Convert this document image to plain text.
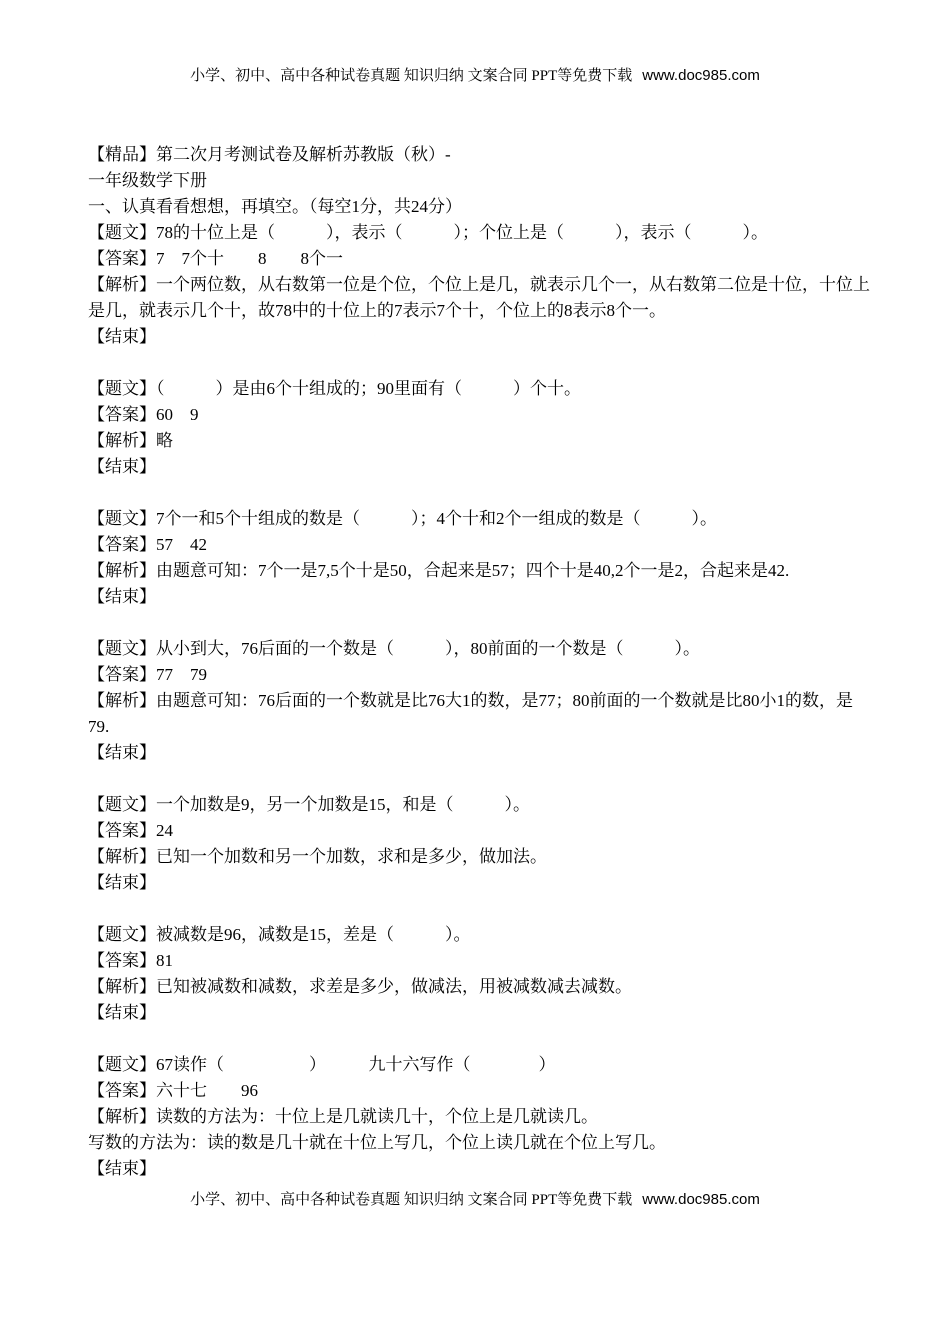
小学、初中、高中各种试卷真题 知识归纳 文案合同 PPT等免费下载 www.doc985.com
【精品】第二次月考测试卷及解析苏教版（秋）-
一年级数学下册
一、认真看看想想，再填空。（每空1分，共24分）
【题文】78的十位上是（　　　），表示（　　　）；个位上是（　　　），表示（　　　）。
【答案】7　7个十　　8　　8个一
【解析】一个两位数，从右数第一位是个位，个位上是几，就表示几个一，从右数第二位是十位，十位上是几，就表示几个十，故78中的十位上的7表示7个十，个位上的8表示8个一。
【结束】
【题文】（　　　）是由6个十组成的；90里面有（　　　）个十。
【答案】60　9
【解析】略
【结束】
【题文】7个一和5个十组成的数是（　　　）；4个十和2个一组成的数是（　　　）。
【答案】57　42
【解析】由题意可知：7个一是7,5个十是50，合起来是57；四个十是40,2个一是2，合起来是42.
【结束】
【题文】从小到大，76后面的一个数是（　　　），80前面的一个数是（　　　）。
【答案】77　79
【解析】由题意可知：76后面的一个数就是比76大1的数，是77；80前面的一个数就是比80小1的数，是79.
【结束】
【题文】一个加数是9，另一个加数是15，和是（　　　）。
【答案】24
【解析】已知一个加数和另一个加数，求和是多少，做加法。
【结束】
【题文】被减数是96，减数是15，差是（　　　）。
【答案】81
【解析】已知被减数和减数，求差是多少，做减法，用被减数减去减数。
【结束】
【题文】67读作（　　　　　）　　　九十六写作（　　　　）
【答案】六十七　　96
【解析】读数的方法为：十位上是几就读几十，个位上是几就读几。
写数的方法为：读的数是几十就在十位上写几，个位上读几就在个位上写几。
【结束】
小学、初中、高中各种试卷真题 知识归纳 文案合同 PPT等免费下载 www.doc985.com
